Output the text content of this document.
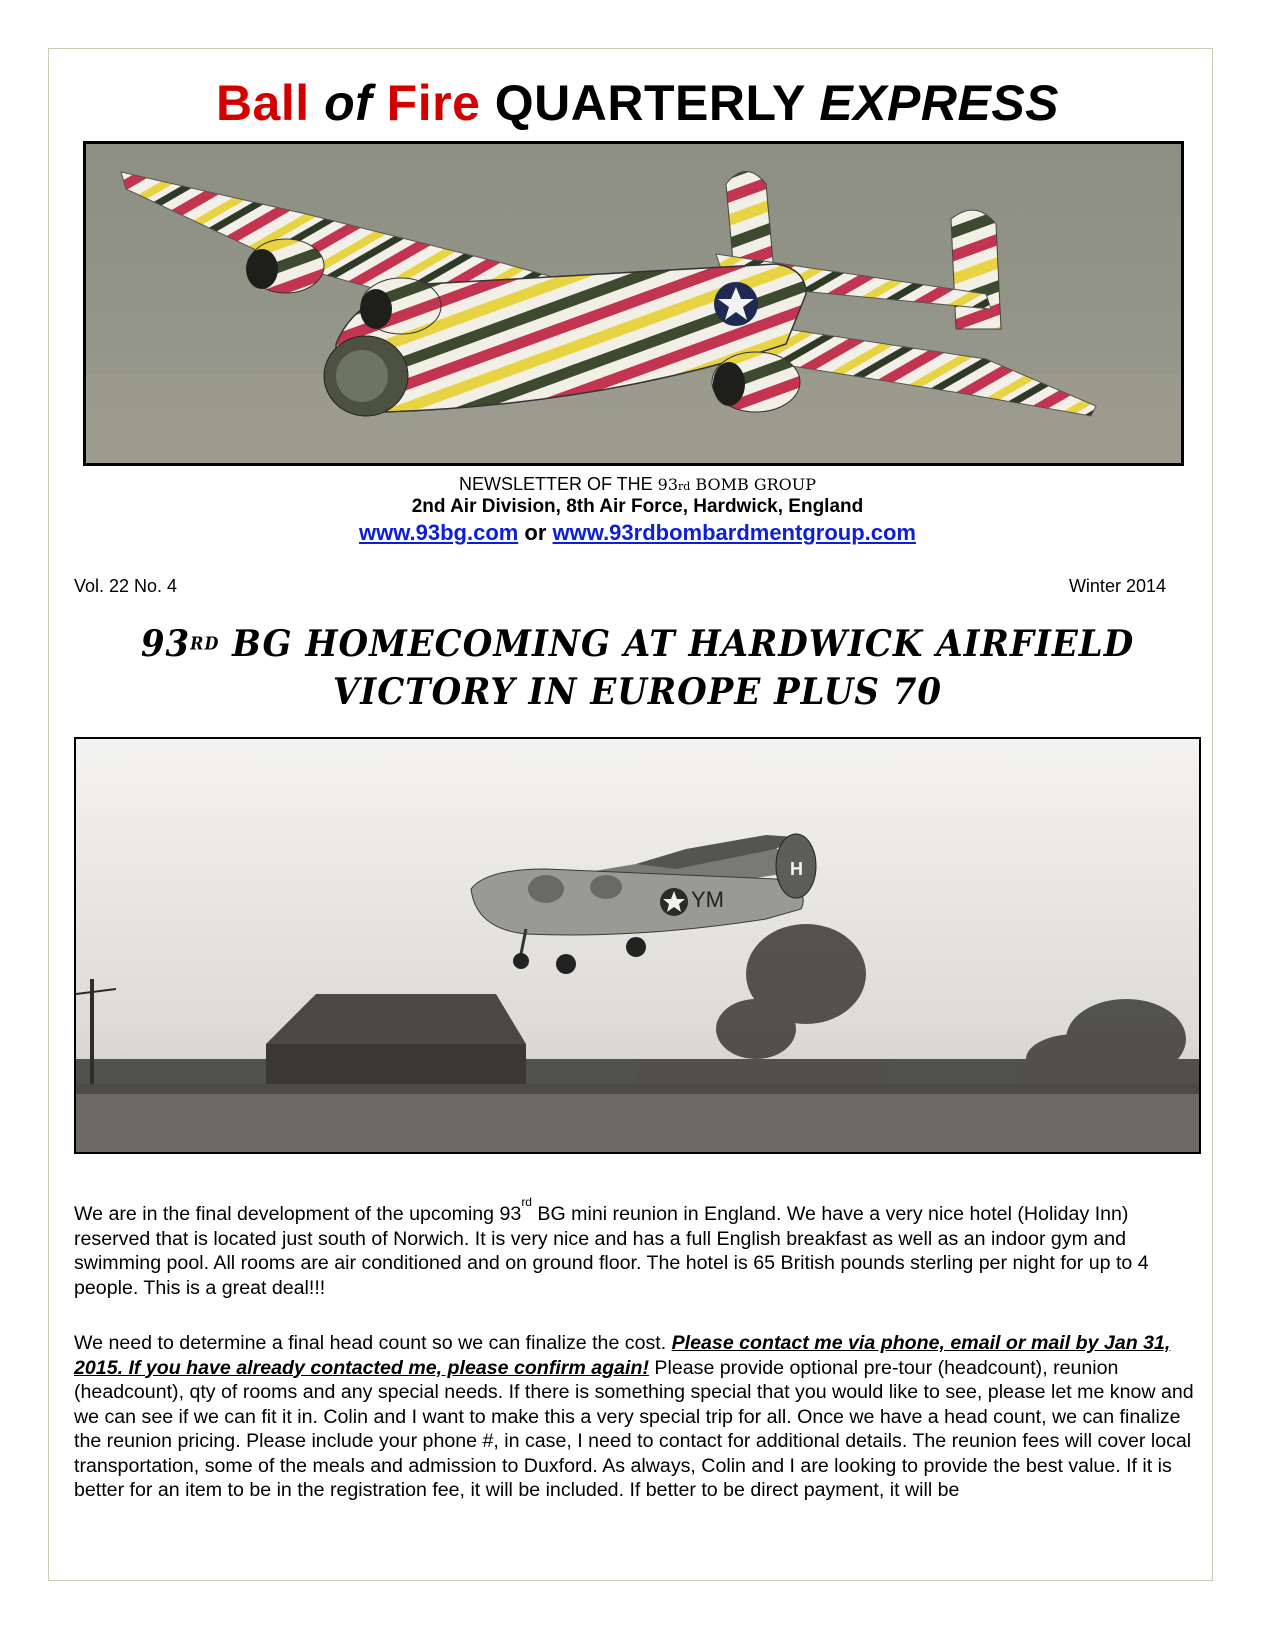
Ball of Fire QUARTERLY EXPRESS
NEWSLETTER OF THE 93rd BOMB GROUP
2nd Air Division, 8th Air Force, Hardwick, England
www.93bg.com or www.93rdbombardmentgroup.com
Vol. 22 No. 4	Winter 2014
93RD BG HOMECOMING AT HARDWICK AIRFIELD
VICTORY IN EUROPE PLUS 70
H
YM
We are in the final development of the upcoming 93rd BG mini reunion in England. We have a very nice hotel (Holiday Inn) reserved that is located just south of Norwich. It is very nice and has a full English breakfast as well as an indoor gym and swimming pool. All rooms are air conditioned and on ground floor. The hotel is 65 British pounds sterling per night for up to 4 people. This is a great deal!!!
We need to determine a final head count so we can finalize the cost. Please contact me via phone, email or mail by Jan 31, 2015. If you have already contacted me, please confirm again! Please provide optional pre-tour (headcount), reunion (headcount), qty of rooms and any special needs. If there is something special that you would like to see, please let me know and we can see if we can fit it in. Colin and I want to make this a very special trip for all. Once we have a head count, we can finalize the reunion pricing. Please include your phone #, in case, I need to contact for additional details. The reunion fees will cover local transportation, some of the meals and admission to Duxford. As always, Colin and I are looking to provide the best value. If it is better for an item to be in the registration fee, it will be included. If better to be direct payment, it will be
